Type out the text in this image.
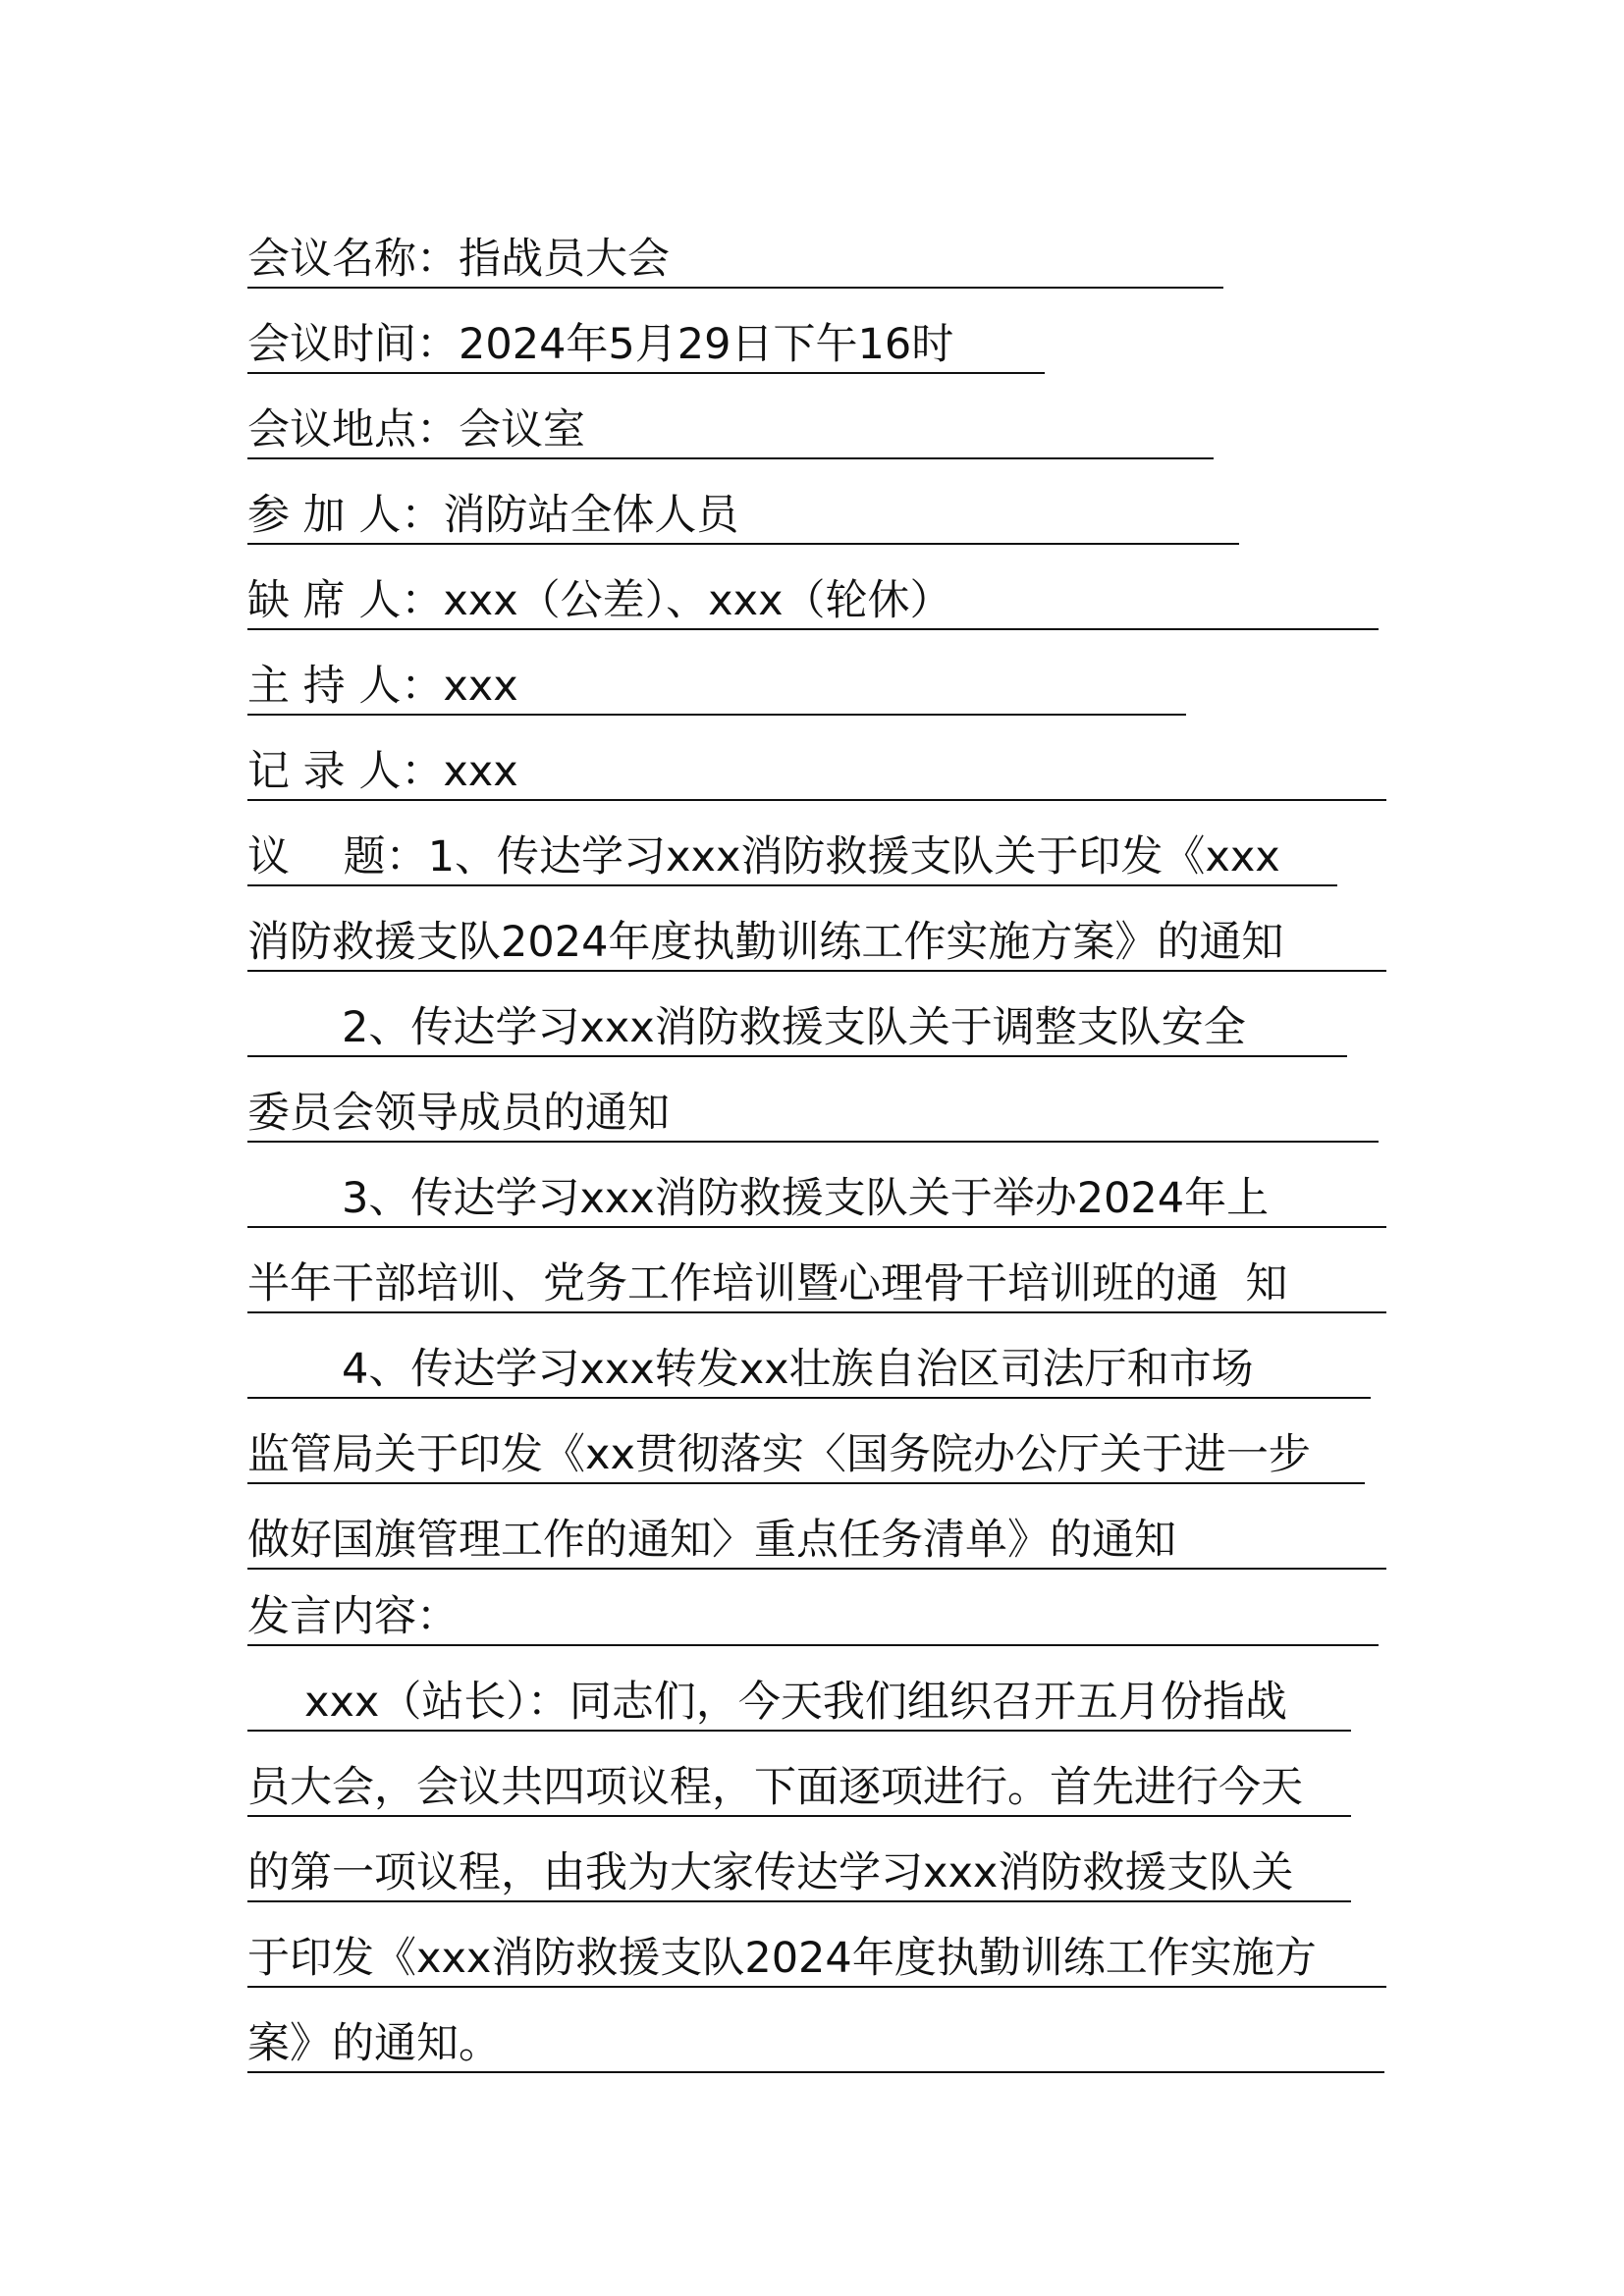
会议名称：指战员大会
会议时间：2024年5月29日下午16时
会议地点：会议室
参 加 人：消防站全体人员
缺 席 人：xxx（公差）、xxx（轮休）
主 持 人：xxx
记 录 人：xxx
议    题：1、传达学习xxx消防救援支队关于印发《xxx
消防救援支队2024年度执勤训练工作实施方案》的通知
2、传达学习xxx消防救援支队关于调整支队安全
委员会领导成员的通知
3、传达学习xxx消防救援支队关于举办2024年上
半年干部培训、党务工作培训暨心理骨干培训班的通  知
4、传达学习xxx转发xx壮族自治区司法厅和市场
监管局关于印发《xx贯彻落实〈国务院办公厅关于进一步
做好国旗管理工作的通知〉重点任务清单》的通知
发言内容：
xxx（站长）：同志们，今天我们组织召开五月份指战
员大会，会议共四项议程，下面逐项进行。首先进行今天
的第一项议程，由我为大家传达学习xxx消防救援支队关
于印发《xxx消防救援支队2024年度执勤训练工作实施方
案》的通知。
